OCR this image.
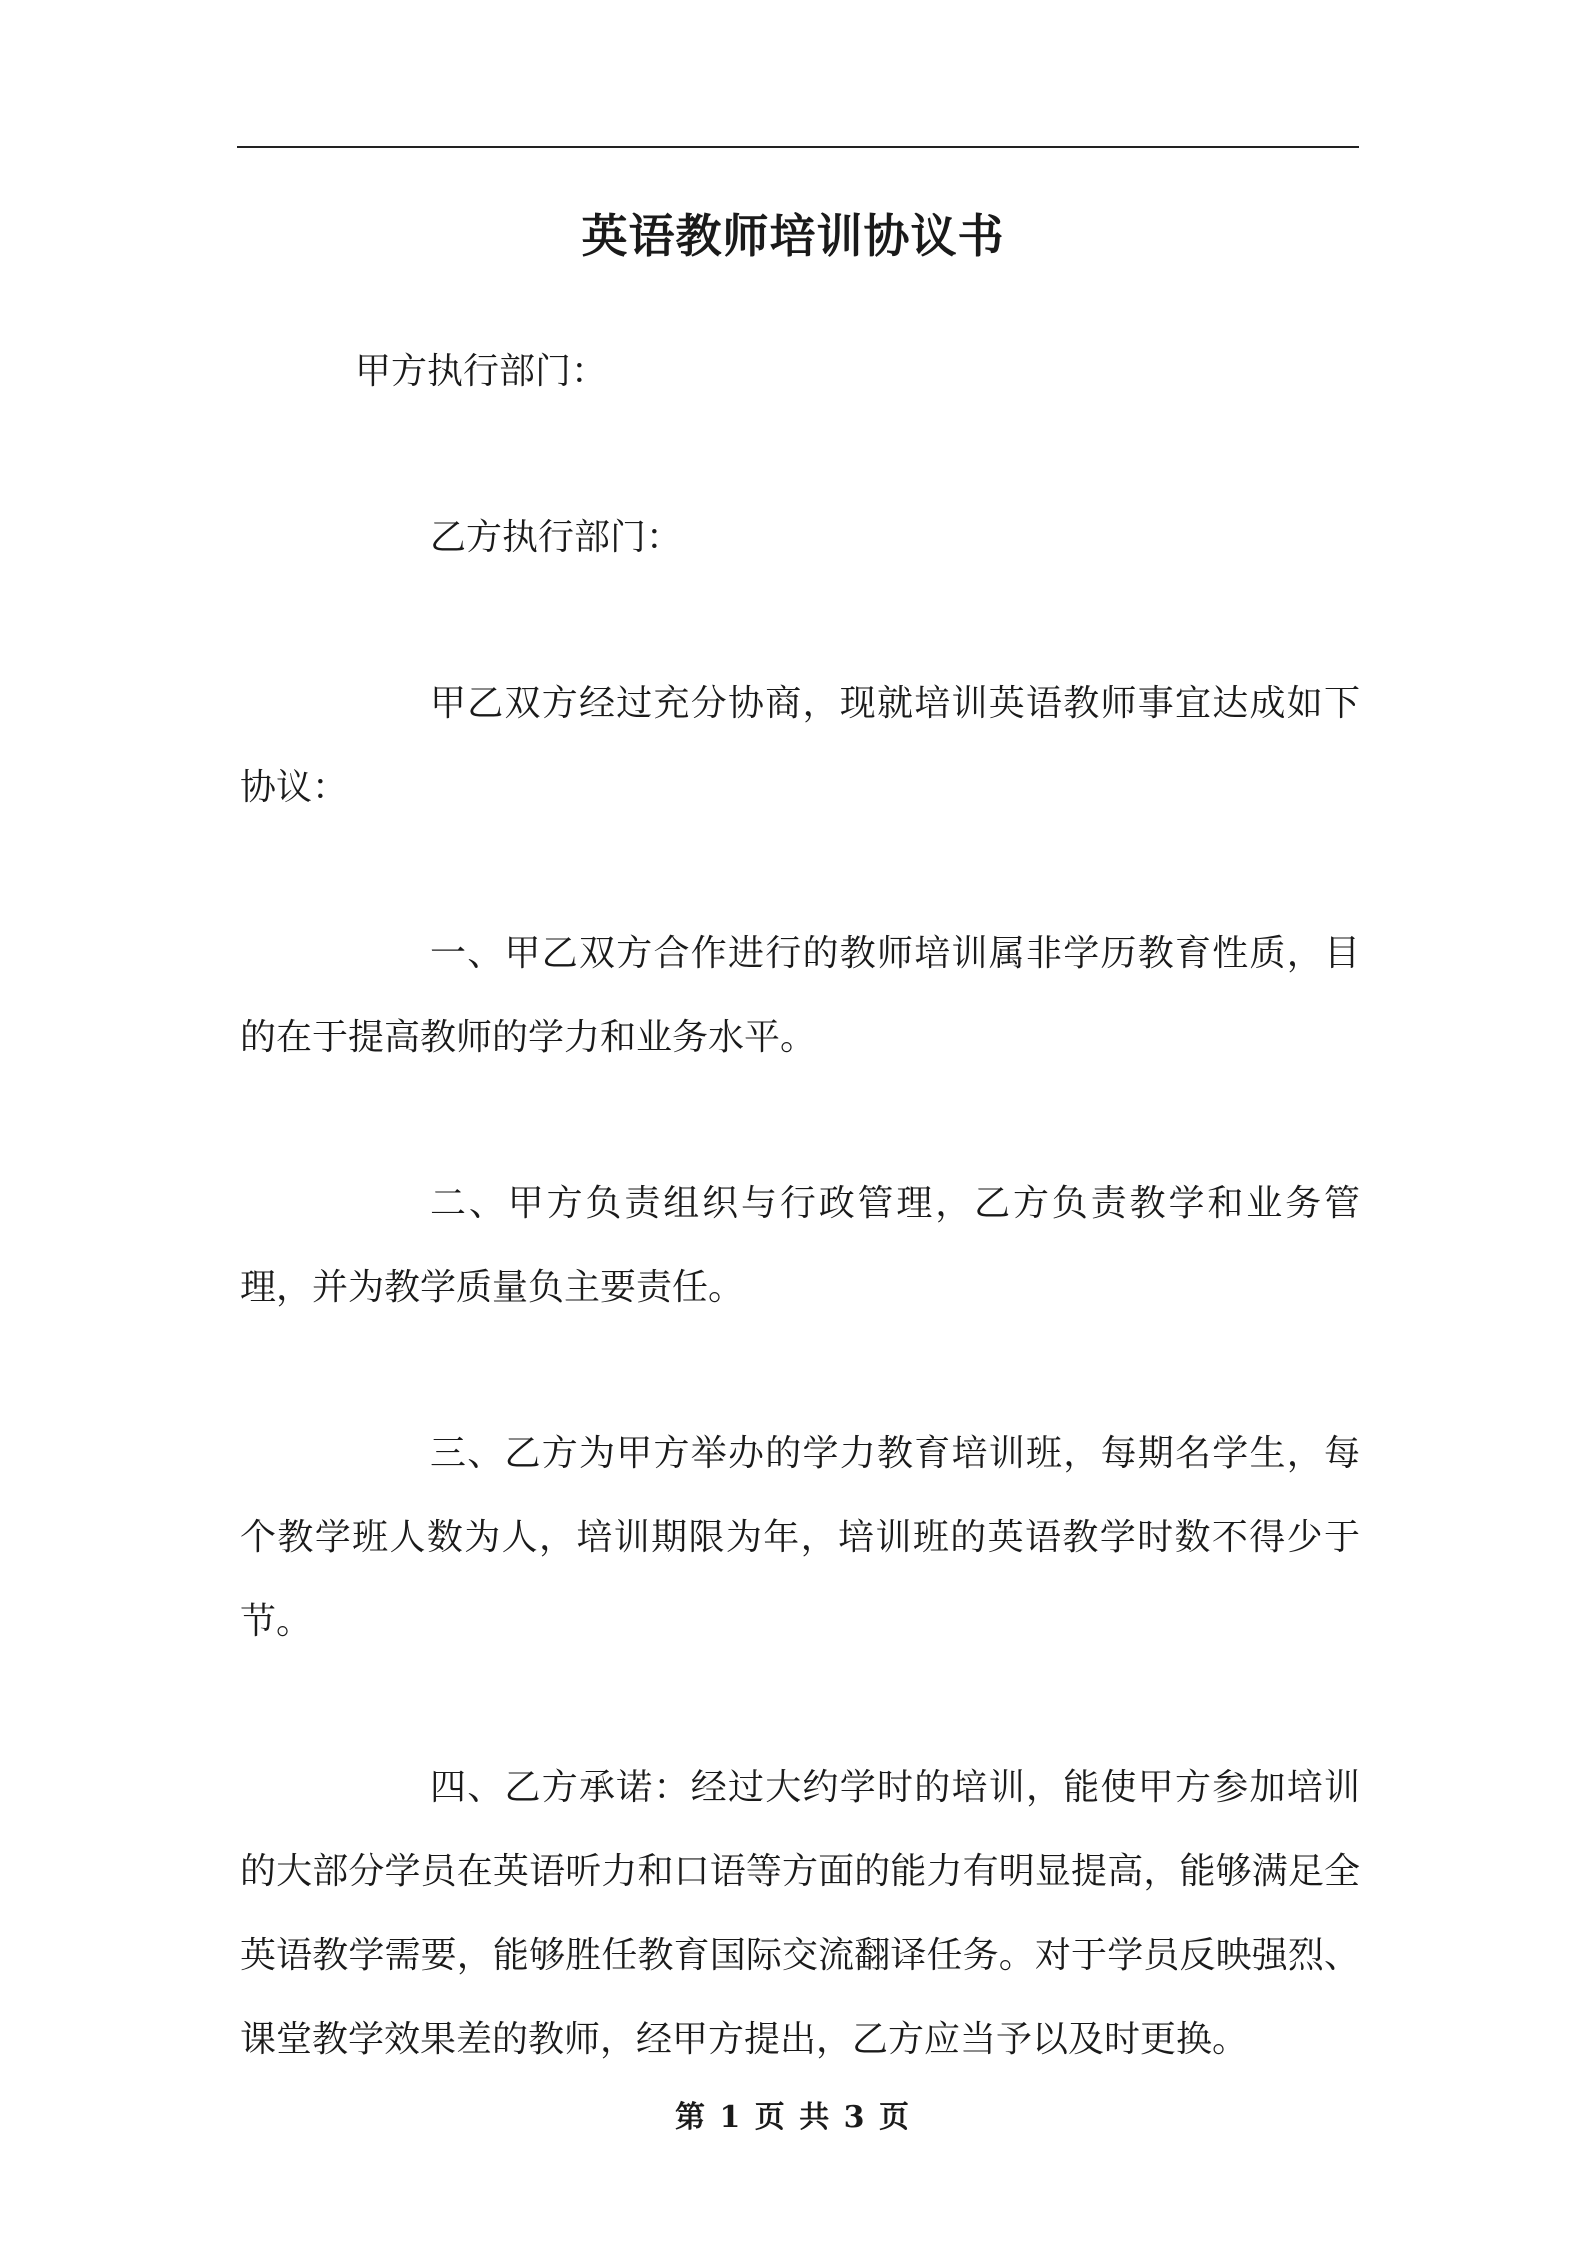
英语教师培训协议书

甲方执行部门：

乙方执行部门：

甲乙双方经过充分协商，现就培训英语教师事宜达成如下协议：

一、甲乙双方合作进行的教师培训属非学历教育性质，目的在于提高教师的学力和业务水平。

二、甲方负责组织与行政管理，乙方负责教学和业务管理，并为教学质量负主要责任。

三、乙方为甲方举办的学力教育培训班，每期名学生，每个教学班人数为人，培训期限为年，培训班的英语教学时数不得少于节。

四、乙方承诺：经过大约学时的培训，能使甲方参加培训的大部分学员在英语听力和口语等方面的能力有明显提高，能够满足全英语教学需要，能够胜任教育国际交流翻译任务。对于学员反映强烈、课堂教学效果差的教师，经甲方提出，乙方应当予以及时更换。

第 1 页 共 3 页
